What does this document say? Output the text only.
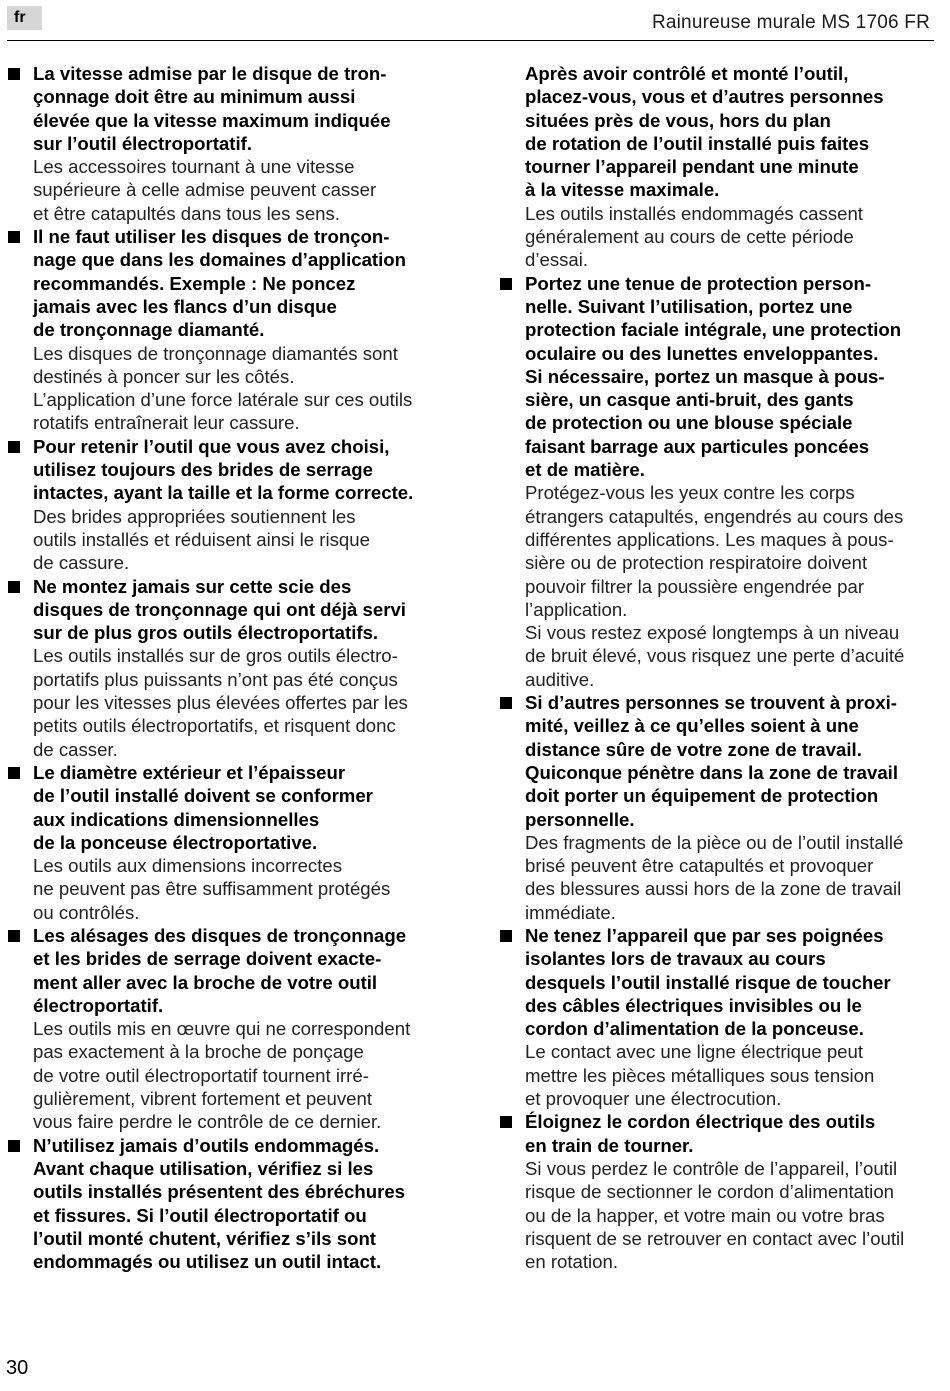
fr	Rainureuse murale MS 1706 FR

La vitesse admise par le disque de tron-
çonnage doit être au minimum aussi
élevée que la vitesse maximum indiquée
sur l’outil électroportatif.

Les accessoires tournant à une vitesse
supérieure à celle admise peuvent casser
et être catapultés dans tous les sens.

Il ne faut utiliser les disques de tronçon-
nage que dans les domaines d’application
recommandés. Exemple : Ne poncez
jamais avec les flancs d’un disque
de tronçonnage diamanté.

Les disques de tronçonnage diamantés sont
destinés à poncer sur les côtés.
L’application d’une force latérale sur ces outils
rotatifs entraînerait leur cassure.

Pour retenir l’outil que vous avez choisi,
utilisez toujours des brides de serrage
intactes, ayant la taille et la forme correcte.

Des brides appropriées soutiennent les
outils installés et réduisent ainsi le risque
de cassure.

Ne montez jamais sur cette scie des
disques de tronçonnage qui ont déjà servi
sur de plus gros outils électroportatifs.

Les outils installés sur de gros outils électro-
portatifs plus puissants n’ont pas été conçus
pour les vitesses plus élevées offertes par les
petits outils électroportatifs, et risquent donc
de casser.

Le diamètre extérieur et l’épaisseur
de l’outil installé doivent se conformer
aux indications dimensionnelles
de la ponceuse électroportative.

Les outils aux dimensions incorrectes
ne peuvent pas être suffisamment protégés
ou contrôlés.

Les alésages des disques de tronçonnage
et les brides de serrage doivent exacte-
ment aller avec la broche de votre outil
électroportatif.

Les outils mis en œuvre qui ne correspondent
pas exactement à la broche de ponçage
de votre outil électroportatif tournent irré-
gulièrement, vibrent fortement et peuvent
vous faire perdre le contrôle de ce dernier.

N’utilisez jamais d’outils endommagés.
Avant chaque utilisation, vérifiez si les
outils installés présentent des ébréchures
et fissures. Si l’outil électroportatif ou
l’outil monté chutent, vérifiez s’ils sont
endommagés ou utilisez un outil intact.

Après avoir contrôlé et monté l’outil,
placez-vous, vous et d’autres personnes
situées près de vous, hors du plan
de rotation de l’outil installé puis faites
tourner l’appareil pendant une minute
à la vitesse maximale.

Les outils installés endommagés cassent
généralement au cours de cette période
d’essai.

Portez une tenue de protection person-
nelle. Suivant l’utilisation, portez une
protection faciale intégrale, une protection
oculaire ou des lunettes enveloppantes.
Si nécessaire, portez un masque à pous-
sière, un casque anti-bruit, des gants
de protection ou une blouse spéciale
faisant barrage aux particules poncées
et de matière.

Protégez-vous les yeux contre les corps
étrangers catapultés, engendrés au cours des
différentes applications. Les maques à pous-
sière ou de protection respiratoire doivent
pouvoir filtrer la poussière engendrée par
l’application.
Si vous restez exposé longtemps à un niveau
de bruit élevé, vous risquez une perte d’acuité
auditive.

Si d’autres personnes se trouvent à proxi-
mité, veillez à ce qu’elles soient à une
distance sûre de votre zone de travail.
Quiconque pénètre dans la zone de travail
doit porter un équipement de protection
personnelle.

Des fragments de la pièce ou de l’outil installé
brisé peuvent être catapultés et provoquer
des blessures aussi hors de la zone de travail
immédiate.

Ne tenez l’appareil que par ses poignées
isolantes lors de travaux au cours
desquels l’outil installé risque de toucher
des câbles électriques invisibles ou le
cordon d’alimentation de la ponceuse.

Le contact avec une ligne électrique peut
mettre les pièces métalliques sous tension
et provoquer une électrocution.

Éloignez le cordon électrique des outils
en train de tourner.

Si vous perdez le contrôle de l’appareil, l’outil
risque de sectionner le cordon d’alimentation
ou de la happer, et votre main ou votre bras
risquent de se retrouver en contact avec l’outil
en rotation.

30
